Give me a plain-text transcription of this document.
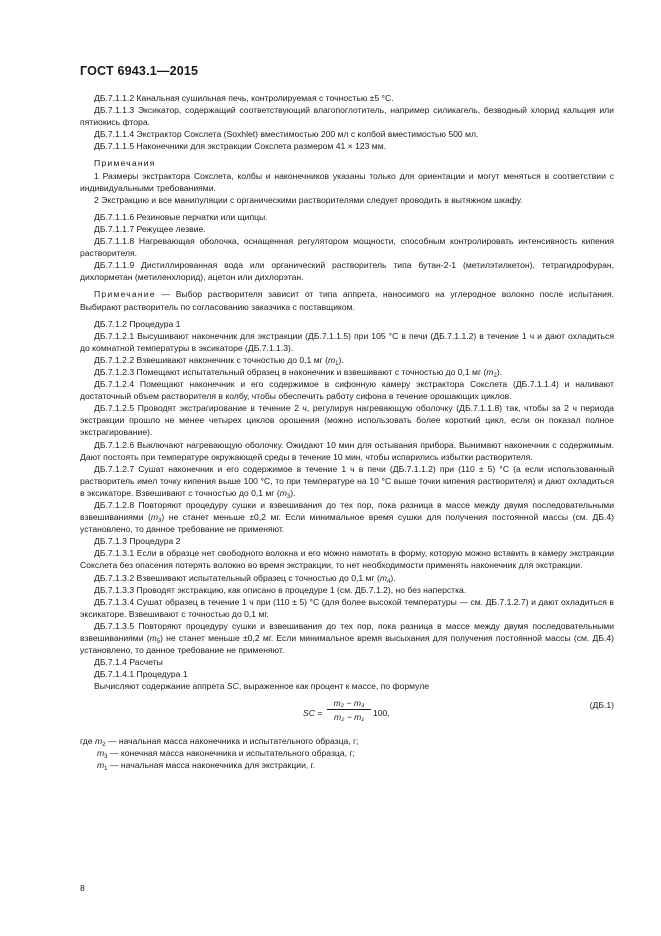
ГОСТ 6943.1—2015

ДБ.7.1.1.2 Канальная сушильная печь, контролируемая с точностью ±5 °С.

ДБ.7.1.1.3 Эксикатор, содержащий соответствующий влагопоглотитель, например силикагель, безводный хлорид кальция или пятиокись фтора.

ДБ.7.1.1.4 Экстрактор Сокслета (Soxhlet) вместимостью 200 мл с колбой вместимостью 500 мл.

ДБ.7.1.1.5 Наконечники для экстракции Сокслета размером 41 × 123 мм.

Примечания

1 Размеры экстрактора Сокслета, колбы и наконечников указаны только для ориентации и могут меняться в соответствии с индивидуальными требованиями.

2 Экстракцию и все манипуляции с органическими растворителями следует проводить в вытяжном шкафу.

ДБ.7.1.1.6 Резиновые перчатки или щипцы.

ДБ.7.1.1.7 Режущее лезвие.

ДБ.7.1.1.8 Нагревающая оболочка, оснащенная регулятором мощности, способным контролировать интенсивность кипения растворителя.

ДБ.7.1.1.9 Дистиллированная вода или органический растворитель типа бутан-2-1 (метилэтилкетон), тетрагидрофуран, дихлорметан (метиленхлорид), ацетон или дихлорэтан.

Примечание — Выбор растворителя зависит от типа аппрета, наносимого на углеродное волокно после испытания. Выбирают растворитель по согласованию заказчика с поставщиком.

ДБ.7.1.2 Процедура 1

ДБ.7.1.2.1 Высушивают наконечник для экстракции (ДБ.7.1.1.5) при 105 °С в печи (ДБ.7.1.1.2) в течение 1 ч и дают охладиться до комнатной температуры в эксикаторе (ДБ.7.1.1.3).

ДБ.7.1.2.2 Взвешивают наконечник с точностью до 0,1 мг $(m_1)$.

ДБ.7.1.2.3 Помещают испытательный образец в наконечник и взвешивают с точностью до 0,1 мг $(m_2)$.

ДБ.7.1.2.4 Помещают наконечник и его содержимое в сифонную камеру экстрактора Сокслета (ДБ.7.1.1.4) и наливают достаточный объем растворителя в колбу, чтобы обеспечить работу сифона в течение орошающих циклов.

ДБ.7.1.2.5 Проводят экстрагирование в течение 2 ч, регулируя нагревающую оболочку (ДБ.7.1.1.8) так, чтобы за 2 ч периода экстракции прошло не менее четырех циклов орошения (можно использовать более короткий цикл, если он показал полное экстрагирование).

ДБ.7.1.2.6 Выключают нагревающую оболочку. Ожидают 10 мин для остывания прибора. Вынимают наконечник с содержимым. Дают постоять при температуре окружающей среды в течение 10 мин, чтобы испарились избытки растворителя.

ДБ.7.1.2.7 Сушат наконечник и его содержимое в течение 1 ч в печи (ДБ.7.1.1.2) при (110 ± 5) °С (а если использованный растворитель имел точку кипения выше 100 °С, то при температуре на 10 °С выше точки кипения растворителя) и дают охладиться в эксикаторе. Взвешивают с точностью до 0,1 мг $(m_3)$.

ДБ.7.1.2.8 Повторяют процедуру сушки и взвешивания до тех пор, пока разница в массе между двумя последовательными взвешиваниями $(m_3)$ не станет меньше ±0,2 мг. Если минимальное время сушки для получения постоянной массы (см. ДБ.4) установлено, то данное требование не применяют.

ДБ.7.1.3 Процедура 2

ДБ.7.1.3.1 Если в образце нет свободного волокна и его можно намотать в форму, которую можно вставить в камеру экстракции Сокслета без опасения потерять волокно во время экстракции, то нет необходимости применять наконечник для экстракции.

ДБ.7.1.3.2 Взвешивают испытательный образец с точностью до 0,1 мг $(m_4)$.

ДБ.7.1.3.3 Проводят экстракцию, как описано в процедуре 1 (см. ДБ.7.1.2), но без наперстка.

ДБ.7.1.3.4 Сушат образец в течение 1 ч при (110 ± 5) °С (для более высокой температуры — см. ДБ.7.1.2.7) и дают охладиться в эксикаторе. Взвешивают с точностью до 0,1 мг.

ДБ.7.1.3.5 Повторяют процедуру сушки и взвешивания до тех пор, пока разница в массе между двумя последовательными взвешиваниями $(m_5)$ не станет меньше ±0,2 мг. Если минимальное время высыхания для получения постоянной массы (см. ДБ.4) установлено, то данное требование не применяют.

ДБ.7.1.4 Расчеты

ДБ.7.1.4.1 Процедура 1

Вычисляют содержание аппрета SC, выраженное как процент к массе, по формуле

SC = $\frac{\text{m₂ − m₃}}{\text{m₂ − m₁}} 100$,
(ДБ.1)

где $m_2$ — начальная масса наконечника и испытательного образца, г;

$m_3$ — конечная масса наконечника и испытательного образца, г;

$m_1$ — начальная масса наконечника для экстракции, г.

8
